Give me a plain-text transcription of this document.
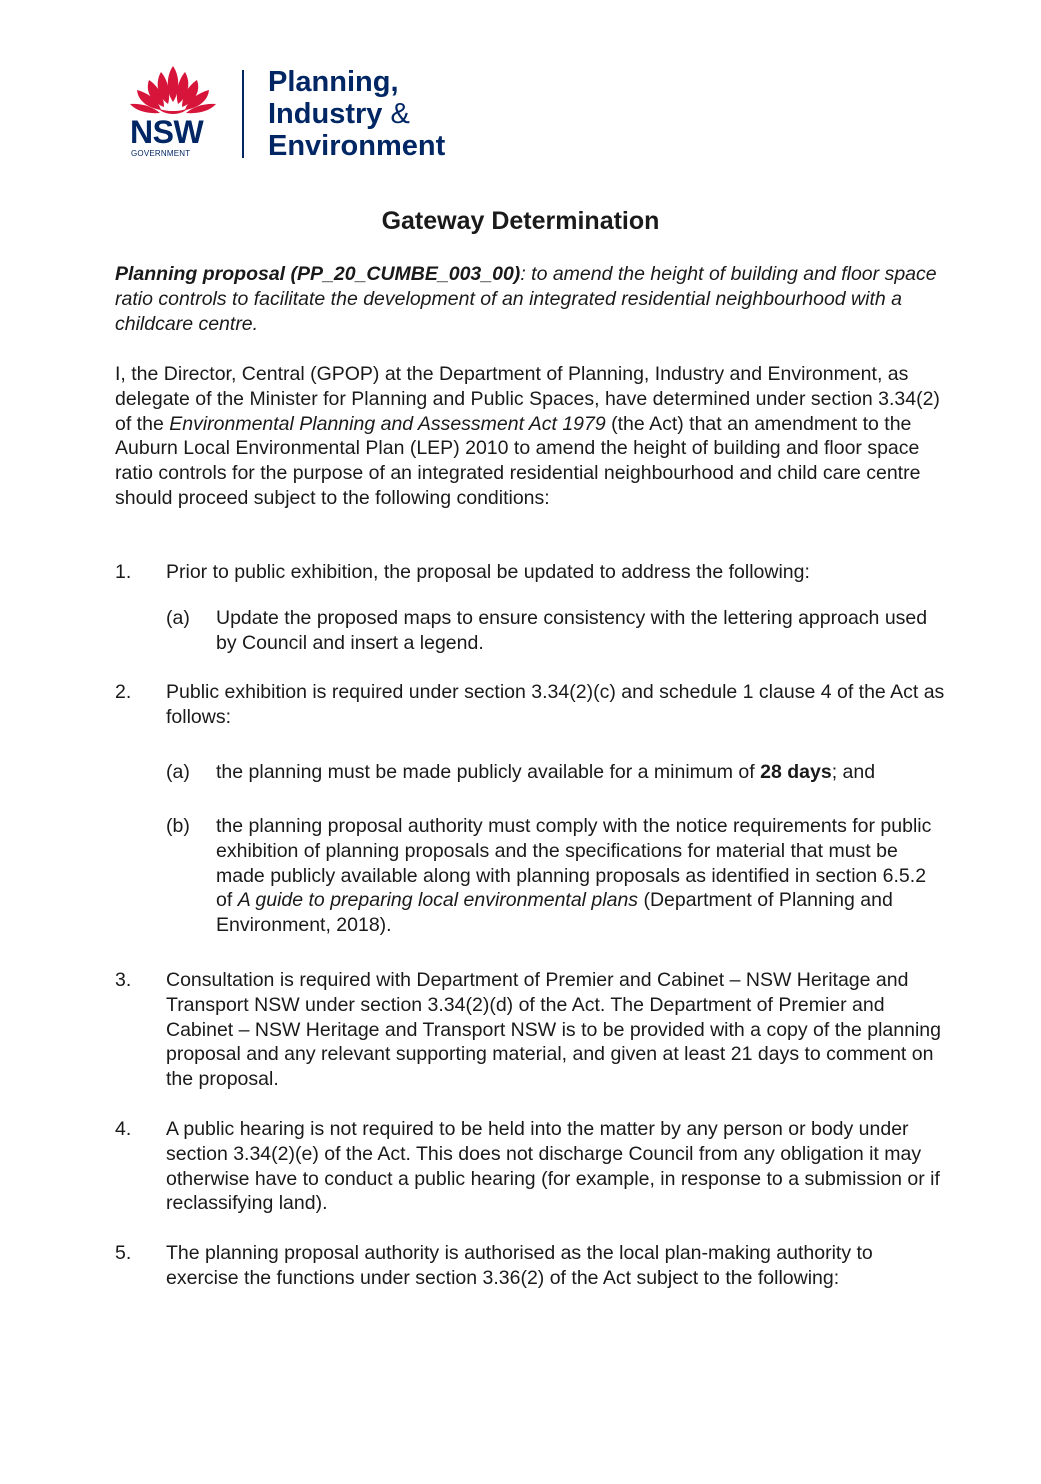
NSW
GOVERNMENT
Planning,
Industry &
Environment
Gateway Determination
Planning proposal (PP_20_CUMBE_003_00): to amend the height of building and floor space ratio controls to facilitate the development of an integrated residential neighbourhood with a childcare centre.
I, the Director, Central (GPOP) at the Department of Planning, Industry and Environment, as delegate of the Minister for Planning and Public Spaces, have determined under section 3.34(2) of the Environmental Planning and Assessment Act 1979 (the Act) that an amendment to the Auburn Local Environmental Plan (LEP) 2010 to amend the height of building and floor space ratio controls for the purpose of an integrated residential neighbourhood and child care centre should proceed subject to the following conditions:
1.	Prior to public exhibition, the proposal be updated to address the following:
(a)	Update the proposed maps to ensure consistency with the lettering approach used by Council and insert a legend.
2.	Public exhibition is required under section 3.34(2)(c) and schedule 1 clause 4 of the Act as follows:
(a)	the planning must be made publicly available for a minimum of 28 days; and
(b)	the planning proposal authority must comply with the notice requirements for public exhibition of planning proposals and the specifications for material that must be made publicly available along with planning proposals as identified in section 6.5.2 of A guide to preparing local environmental plans (Department of Planning and Environment, 2018).
3.	Consultation is required with Department of Premier and Cabinet – NSW Heritage and Transport NSW under section 3.34(2)(d) of the Act. The Department of Premier and Cabinet – NSW Heritage and Transport NSW is to be provided with a copy of the planning proposal and any relevant supporting material, and given at least 21 days to comment on the proposal.
4.	A public hearing is not required to be held into the matter by any person or body under section 3.34(2)(e) of the Act. This does not discharge Council from any obligation it may otherwise have to conduct a public hearing (for example, in response to a submission or if reclassifying land).
5.	The planning proposal authority is authorised as the local plan-making authority to exercise the functions under section 3.36(2) of the Act subject to the following:
